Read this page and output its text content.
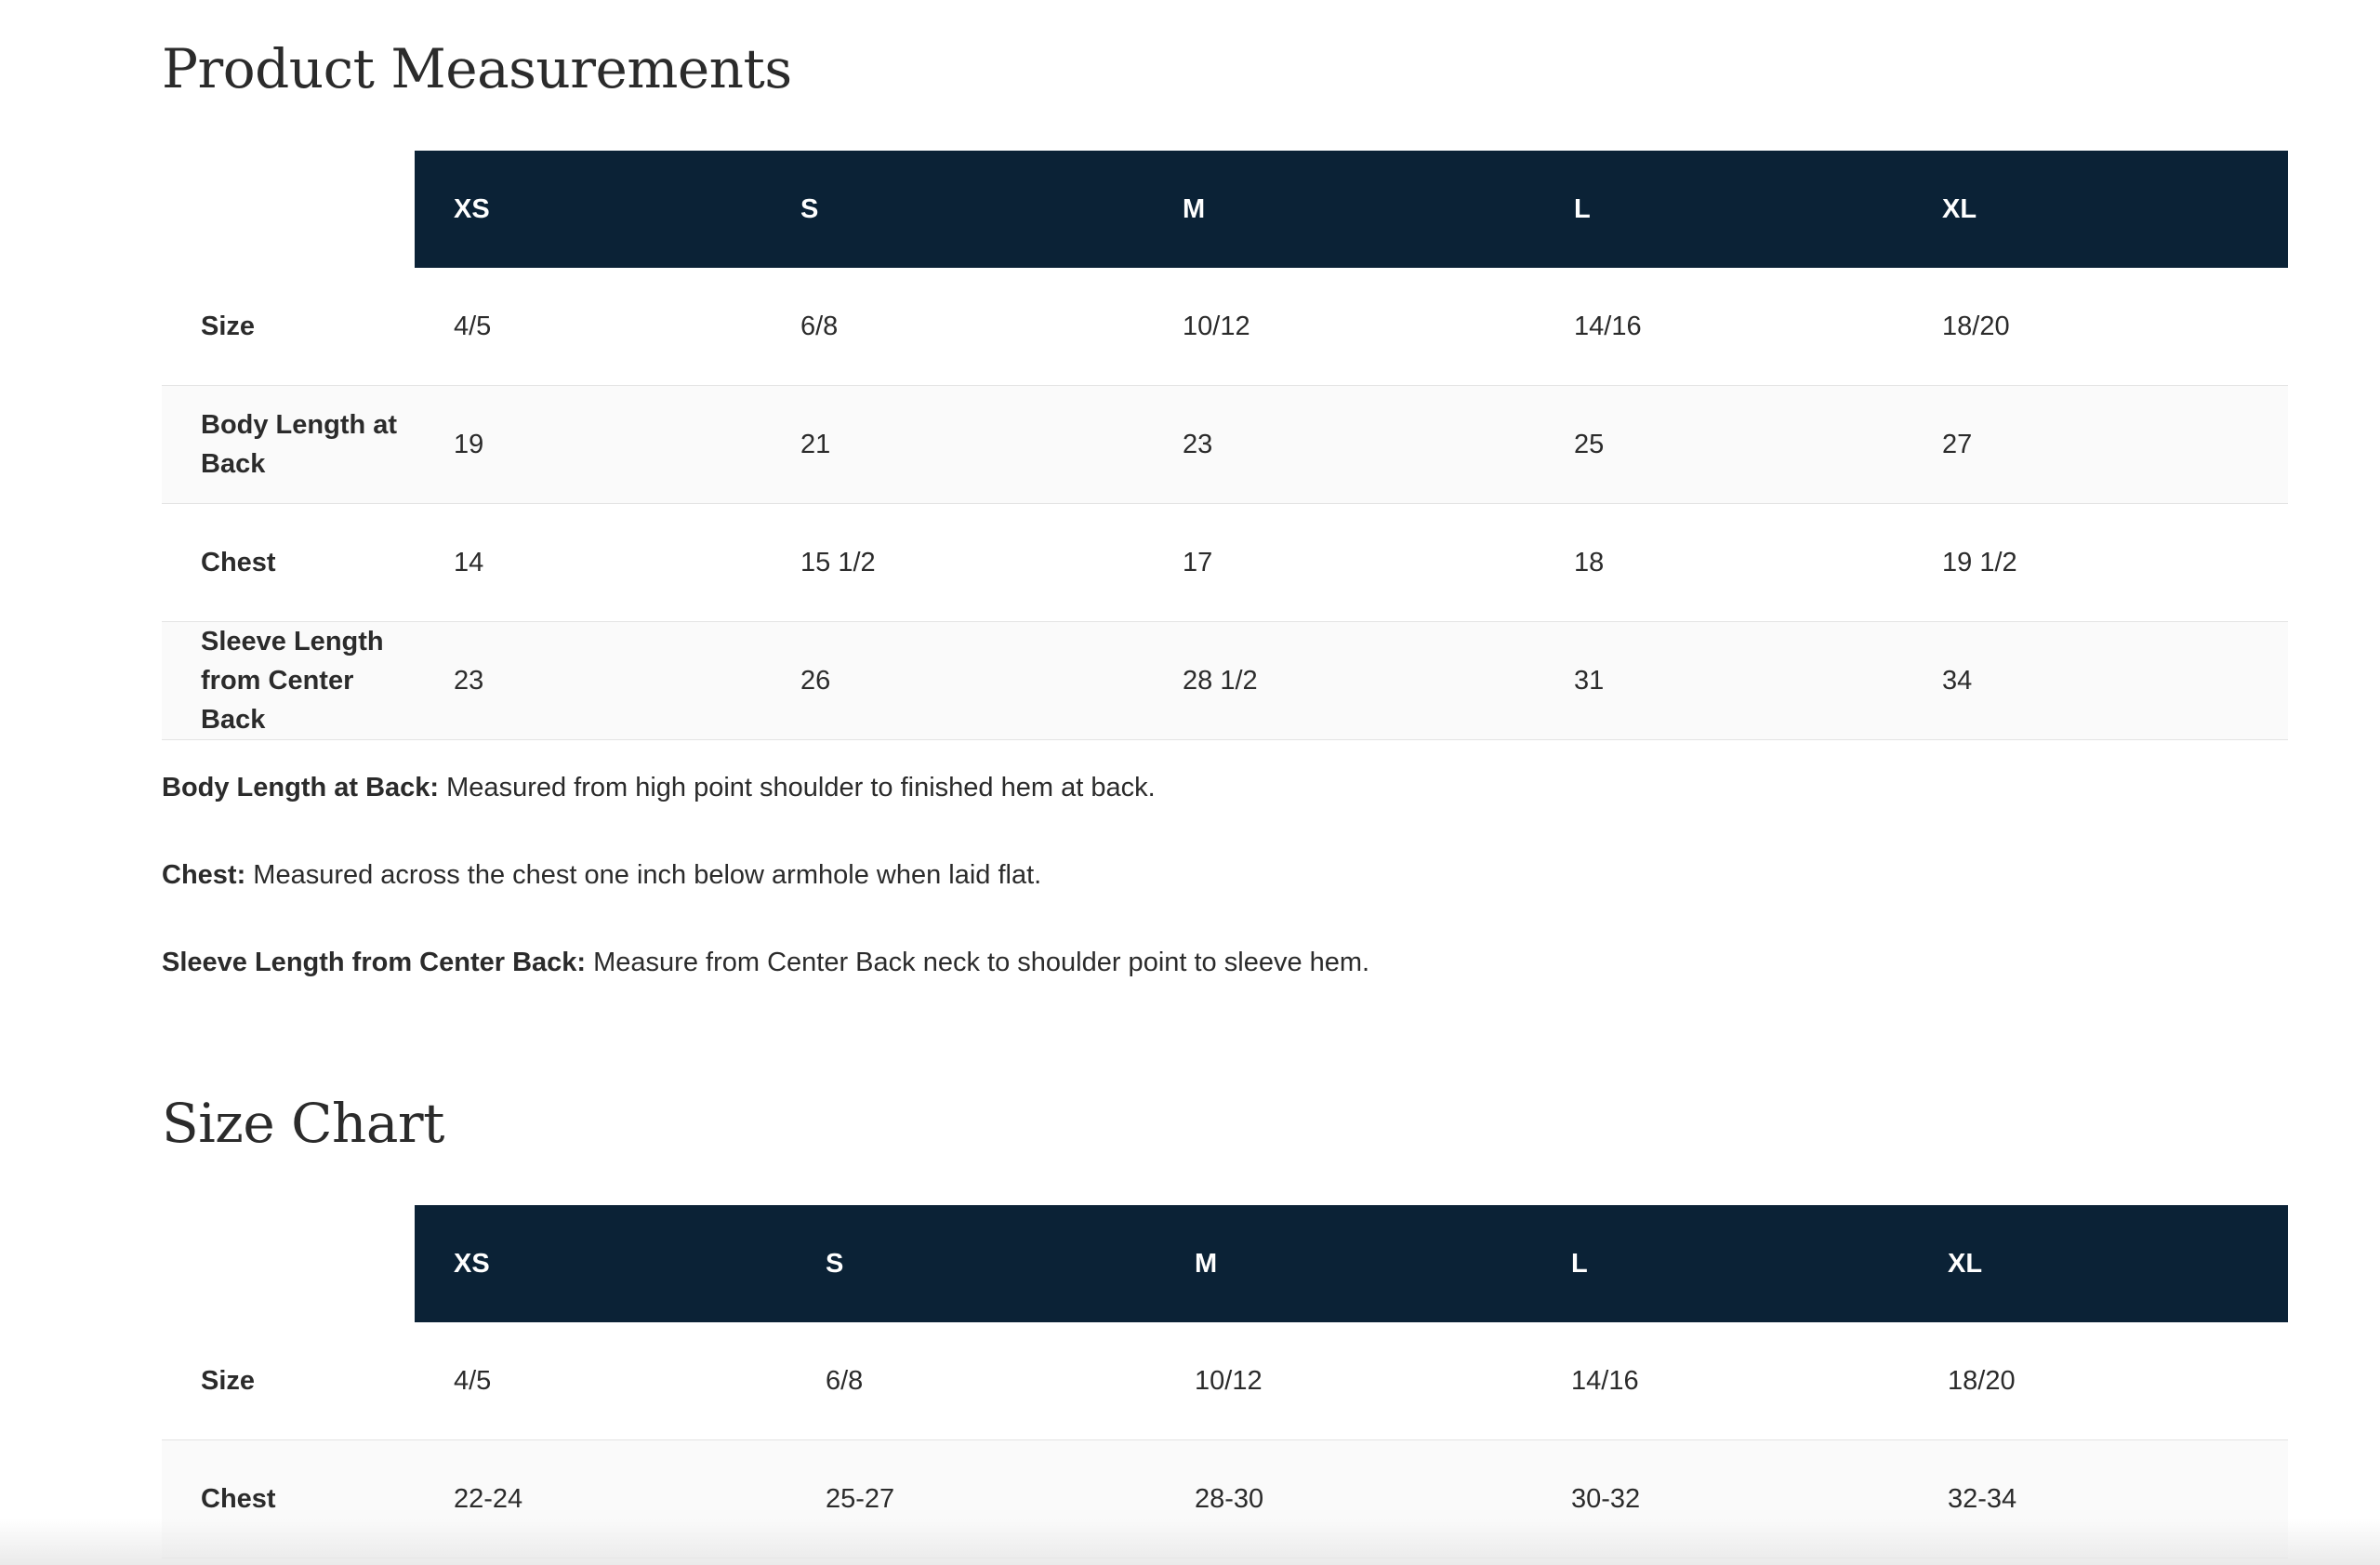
Product Measurements
	XS	S	M	L	XL
Size	4/5	6/8	10/12	14/16	18/20
Body Length at Back	19	21	23	25	27
Chest	14	15 1/2	17	18	19 1/2
Sleeve Length from Center Back	23	26	28 1/2	31	34

Body Length at Back: Measured from high point shoulder to finished hem at back.

Chest: Measured across the chest one inch below armhole when laid flat.

Sleeve Length from Center Back: Measure from Center Back neck to shoulder point to sleeve hem.

Size Chart
	XS	S	M	L	XL
Size	4/5	6/8	10/12	14/16	18/20
Chest	22-24	25-27	28-30	30-32	32-34
